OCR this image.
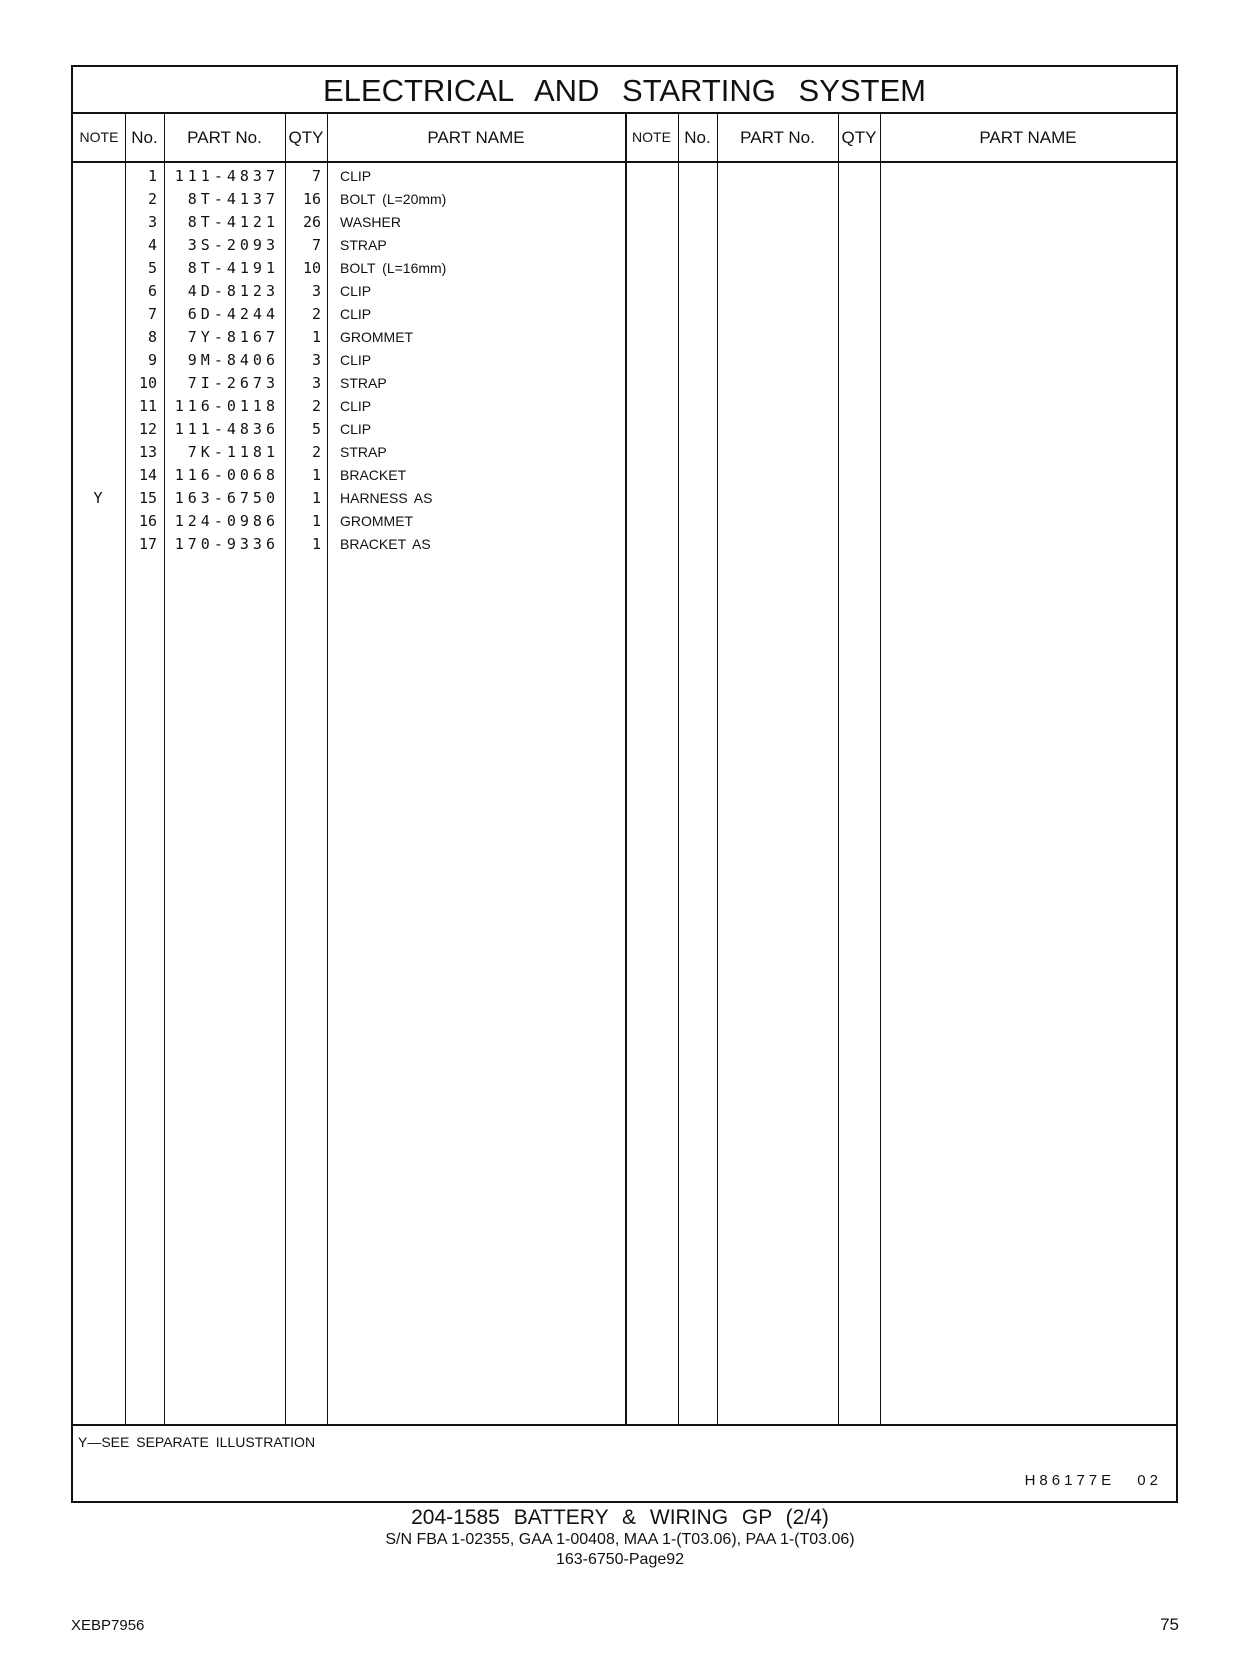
ELECTRICAL AND STARTING SYSTEM
NOTE No.	PART No.	QTY	PART NAME	NOTE No.	PART No.	QTY	PART NAME
1	111-4837	7 CLIP
2	8T-4137	16 BOLT (L=20mm)
3	8T-4121	26 WASHER
4	3S-2093	7 STRAP
5	8T-4191	10 BOLT (L=16mm)
6	4D-8123	3 CLIP
7	6D-4244	2 CLIP
8	7Y-8167	1 GROMMET
9	9M-8406	3 CLIP
10	7I-2673	3 STRAP
11	116-0118	2 CLIP
12	111-4836	5 CLIP
13	7K-1181	2 STRAP
14	116-0068	1 BRACKET
Y	15	163-6750	1 HARNESS AS
16	124-0986	1 GROMMET
17	170-9336	1 BRACKET AS
Y—SEE SEPARATE ILLUSTRATION
H86177E 02
204-1585 BATTERY & WIRING GP (2/4)
S/N FBA 1-02355, GAA 1-00408, MAA 1-(T03.06), PAA 1-(T03.06)
163-6750-Page92
XEBP7956	75
